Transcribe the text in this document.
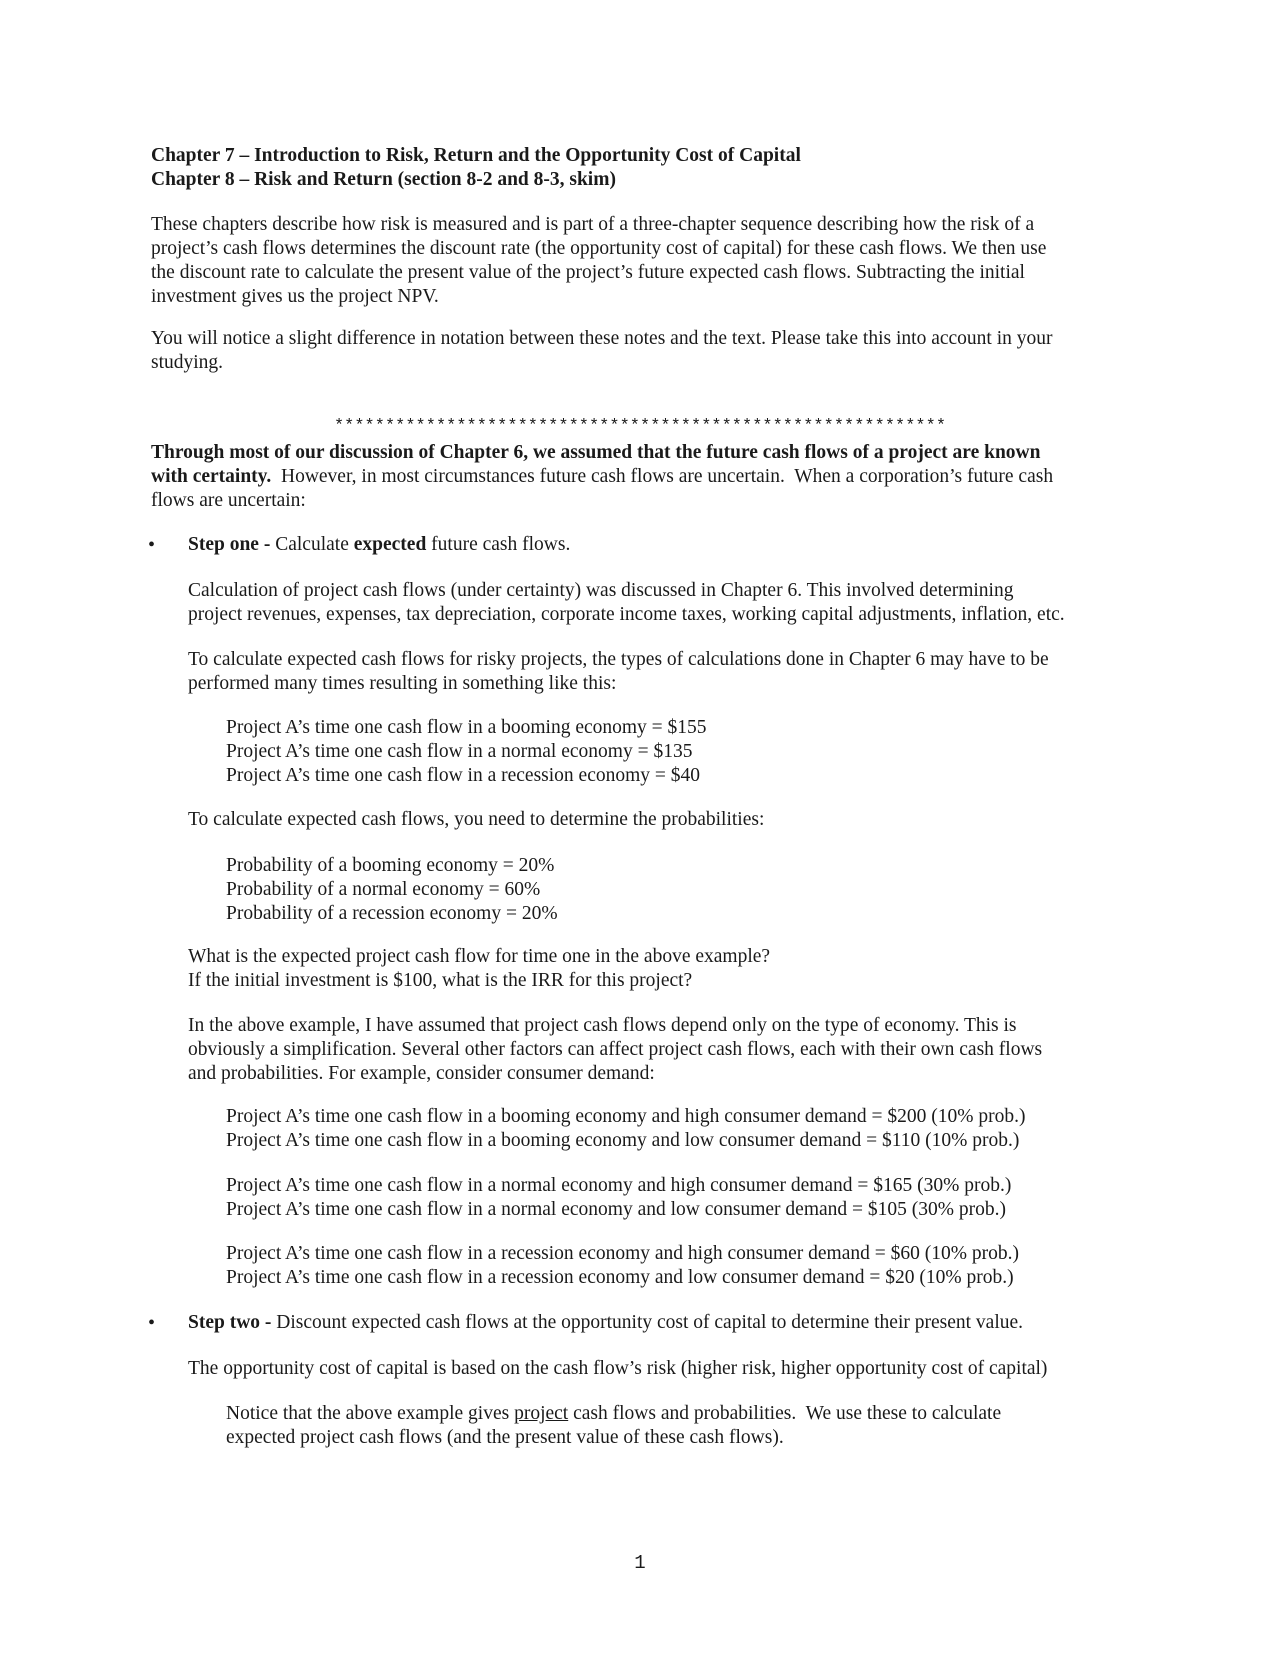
Chapter 7 – Introduction to Risk, Return and the Opportunity Cost of Capital
Chapter 8 – Risk and Return (section 8-2 and 8-3, skim)
These chapters describe how risk is measured and is part of a three-chapter sequence describing how the risk of a
project’s cash flows determines the discount rate (the opportunity cost of capital) for these cash flows. We then use
the discount rate to calculate the present value of the project’s future expected cash flows. Subtracting the initial
investment gives us the project NPV.
You will notice a slight difference in notation between these notes and the text. Please take this into account in your
studying.
************************************************************
Through most of our discussion of Chapter 6, we assumed that the future cash flows of a project are known
with certainty.  However, in most circumstances future cash flows are uncertain.  When a corporation’s future cash
flows are uncertain:
• Step one - Calculate expected future cash flows.
Calculation of project cash flows (under certainty) was discussed in Chapter 6. This involved determining
project revenues, expenses, tax depreciation, corporate income taxes, working capital adjustments, inflation, etc.
To calculate expected cash flows for risky projects, the types of calculations done in Chapter 6 may have to be
performed many times resulting in something like this:
Project A’s time one cash flow in a booming economy = $155
Project A’s time one cash flow in a normal economy = $135
Project A’s time one cash flow in a recession economy = $40
To calculate expected cash flows, you need to determine the probabilities:
Probability of a booming economy = 20%
Probability of a normal economy = 60%
Probability of a recession economy = 20%
What is the expected project cash flow for time one in the above example?
If the initial investment is $100, what is the IRR for this project?
In the above example, I have assumed that project cash flows depend only on the type of economy. This is
obviously a simplification. Several other factors can affect project cash flows, each with their own cash flows
and probabilities. For example, consider consumer demand:
Project A’s time one cash flow in a booming economy and high consumer demand = $200 (10% prob.)
Project A’s time one cash flow in a booming economy and low consumer demand = $110 (10% prob.)
Project A’s time one cash flow in a normal economy and high consumer demand = $165 (30% prob.)
Project A’s time one cash flow in a normal economy and low consumer demand = $105 (30% prob.)
Project A’s time one cash flow in a recession economy and high consumer demand = $60 (10% prob.)
Project A’s time one cash flow in a recession economy and low consumer demand = $20 (10% prob.)
• Step two - Discount expected cash flows at the opportunity cost of capital to determine their present value.
The opportunity cost of capital is based on the cash flow’s risk (higher risk, higher opportunity cost of capital)
Notice that the above example gives project cash flows and probabilities.  We use these to calculate
expected project cash flows (and the present value of these cash flows).
1
